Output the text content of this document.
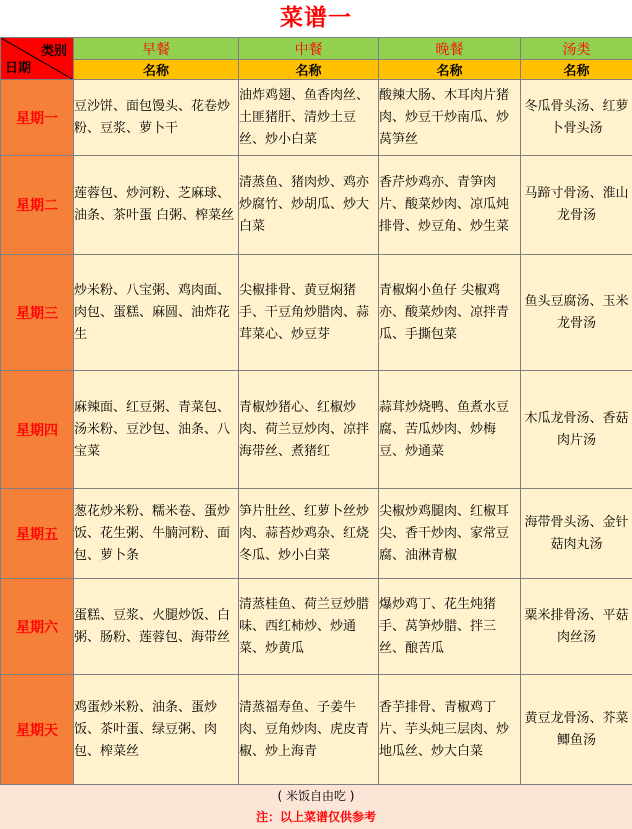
菜谱一
类别
日期	早餐	中餐	晚餐	汤类
	名称	名称	名称	名称
星期一	豆沙饼、面包馒头、花卷炒粉、豆浆、萝卜干	油炸鸡翅、鱼香肉丝、土匪猪肝、清炒土豆丝、炒小白菜	酸辣大肠、木耳肉片猪肉、炒豆干炒南瓜、炒莴笋丝	冬瓜骨头汤、红萝卜骨头汤
星期二	莲蓉包、炒河粉、芝麻球、油条、茶叶蛋 白粥、榨菜丝	清蒸鱼、猪肉炒、鸡亦炒腐竹、炒胡瓜、炒大白菜	香芹炒鸡亦、青笋肉片、酸菜炒肉、凉瓜炖排骨、炒豆角、炒生菜	马蹄寸骨汤、淮山龙骨汤
星期三	炒米粉、八宝粥、鸡肉面、肉包、蛋糕、麻圆、油炸花生	尖椒排骨、黄豆焖猪手、干豆角炒腊肉、蒜茸菜心、炒豆芽	青椒焖小鱼仔 尖椒鸡亦、酸菜炒肉、凉拌青瓜、手撕包菜	鱼头豆腐汤、玉米龙骨汤
星期四	麻辣面、红豆粥、青菜包、汤米粉、豆沙包、油条、八宝菜	青椒炒猪心、红椒炒肉、荷兰豆炒肉、凉拌海带丝、煮猪红	蒜茸炒烧鸭、鱼煮水豆腐、苦瓜炒肉、炒梅豆、炒通菜	木瓜龙骨汤、香菇肉片汤
星期五	葱花炒米粉、糯米卷、蛋炒饭、花生粥、牛腩河粉、面包、萝卜条	笋片肚丝、红萝卜丝炒肉、蒜苔炒鸡杂、红烧冬瓜、炒小白菜	尖椒炒鸡腿肉、红椒耳尖、香干炒肉、家常豆腐、油淋青椒	海带骨头汤、金针菇肉丸汤
星期六	蛋糕、豆浆、火腿炒饭、白粥、肠粉、莲蓉包、海带丝	清蒸桂鱼、荷兰豆炒腊味、西红柿炒、炒通菜、炒黄瓜	爆炒鸡丁、花生炖猪手、莴笋炒腊、拌三丝、酿苦瓜	粟米排骨汤、平菇肉丝汤
星期天	鸡蛋炒米粉、油条、蛋炒饭、茶叶蛋、绿豆粥、肉包、榨菜丝	清蒸福寿鱼、子姜牛肉、豆角炒肉、虎皮青椒、炒上海青	香芋排骨、青椒鸡丁片、芋头炖三层肉、炒地瓜丝、炒大白菜	黄豆龙骨汤、芥菜鲫鱼汤
( 米饭自由吃 )
注：以上菜谱仅供参考
